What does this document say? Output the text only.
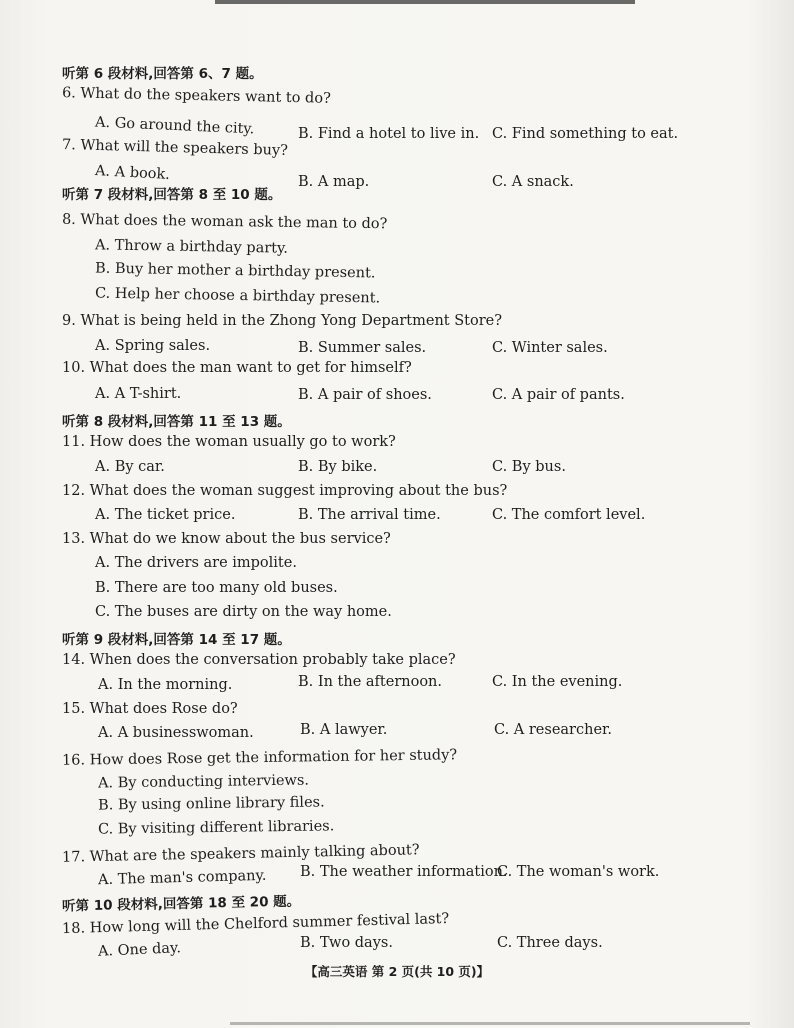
听第 6 段材料,回答第 6、7 题。
6. What do the speakers want to do?
A. Go around the city.	B. Find a hotel to live in. C. Find something to eat.
7. What will the speakers buy?
A. A book.	B. A map.	C. A snack.
听第 7 段材料,回答第 8 至 10 题。
8. What does the woman ask the man to do?
A. Throw a birthday party.
B. Buy her mother a birthday present.
C. Help her choose a birthday present.
9. What is being held in the Zhong Yong Department Store?
A. Spring sales.	B. Summer sales.	C. Winter sales.
10. What does the man want to get for himself?
A. A T-shirt.	B. A pair of shoes.	C. A pair of pants.
听第 8 段材料,回答第 11 至 13 题。
11. How does the woman usually go to work?
A. By car.	B. By bike.	C. By bus.
12. What does the woman suggest improving about the bus?
A. The ticket price.	B. The arrival time.	C. The comfort level.
13. What do we know about the bus service?
A. The drivers are impolite.
B. There are too many old buses.
C. The buses are dirty on the way home.
听第 9 段材料,回答第 14 至 17 题。
14. When does the conversation probably take place?
A. In the morning.	B. In the afternoon.	C. In the evening.
15. What does Rose do?
A. A businesswoman.	B. A lawyer.	C. A researcher.
16. How does Rose get the information for her study?
A. By conducting interviews.
B. By using online library files.
C. By visiting different libraries.
17. What are the speakers mainly talking about?
A. The man's company. B. The weather information.
C. The woman's work.
听第 10 段材料,回答第 18 至 20 题。
18. How long will the Chelford summer festival last?
A. One day.	B. Two days.	C. Three days.
【高三英语 第 2 页(共 10 页)】
